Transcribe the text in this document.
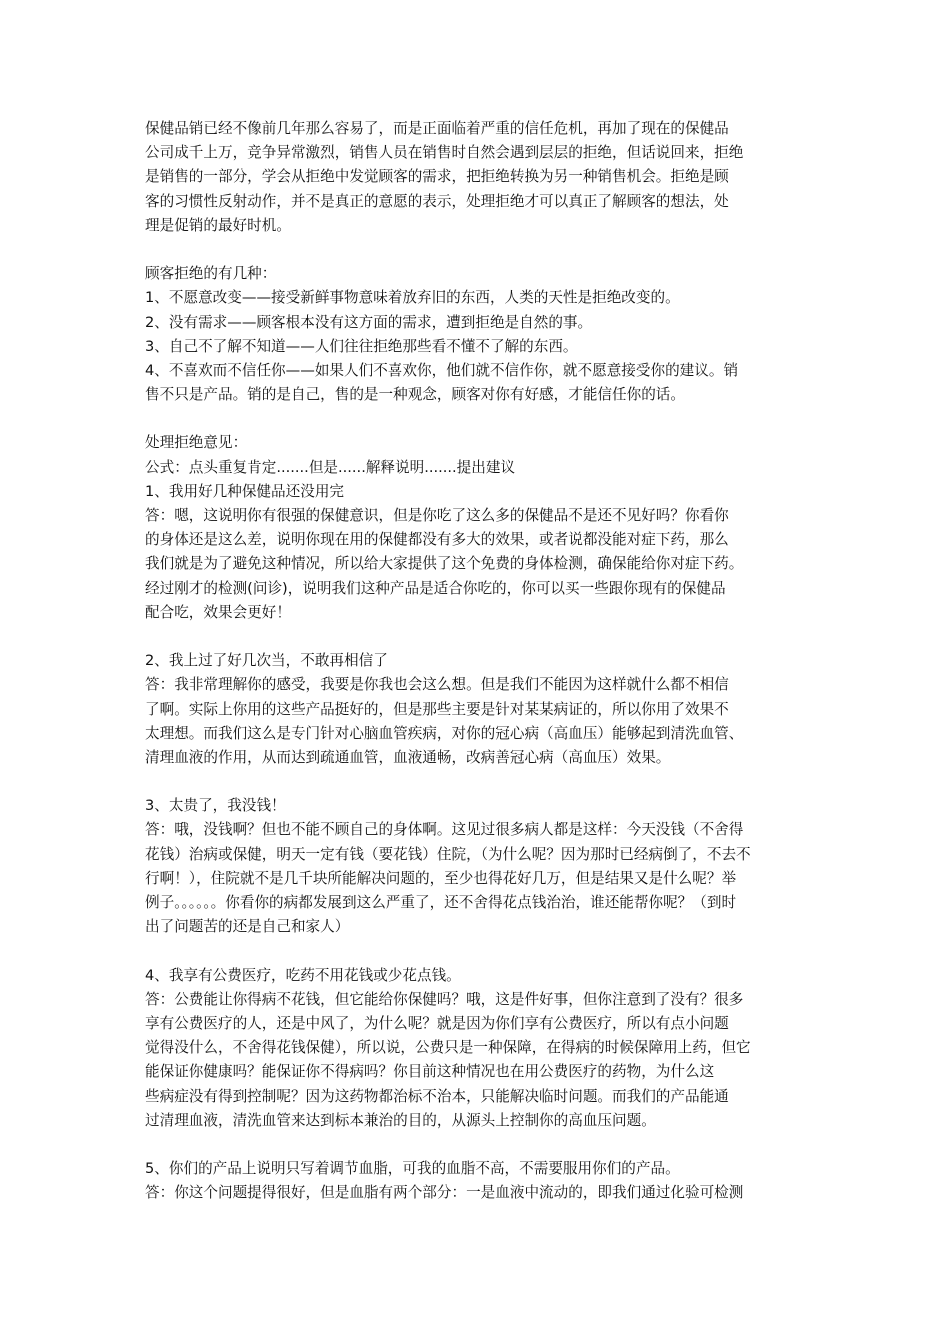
保健品销已经不像前几年那么容易了，而是正面临着严重的信任危机，再加了现在的保健品
公司成千上万，竞争异常激烈，销售人员在销售时自然会遇到层层的拒绝，但话说回来，拒绝
是销售的一部分，学会从拒绝中发觉顾客的需求，把拒绝转换为另一种销售机会。拒绝是顾
客的习惯性反射动作，并不是真正的意愿的表示，处理拒绝才可以真正了解顾客的想法，处
理是促销的最好时机。
顾客拒绝的有几种：
1、不愿意改变——接受新鲜事物意味着放弃旧的东西，人类的天性是拒绝改变的。
2、没有需求——顾客根本没有这方面的需求，遭到拒绝是自然的事。
3、自己不了解不知道——人们往往拒绝那些看不懂不了解的东西。
4、不喜欢而不信任你——如果人们不喜欢你，他们就不信作你，就不愿意接受你的建议。销
售不只是产品。销的是自己，售的是一种观念，顾客对你有好感，才能信任你的话。
处理拒绝意见：
公式：点头重复肯定.......但是......解释说明.......提出建议
1、我用好几种保健品还没用完
答：嗯，这说明你有很强的保健意识，但是你吃了这么多的保健品不是还不见好吗？你看你
的身体还是这么差，说明你现在用的保健都没有多大的效果，或者说都没能对症下药，那么
我们就是为了避免这种情况，所以给大家提供了这个免费的身体检测，确保能给你对症下药。
经过刚才的检测(问诊)，说明我们这种产品是适合你吃的，你可以买一些跟你现有的保健品
配合吃，效果会更好！
2、我上过了好几次当，不敢再相信了
答：我非常理解你的感受，我要是你我也会这么想。但是我们不能因为这样就什么都不相信
了啊。实际上你用的这些产品挺好的，但是那些主要是针对某某病证的，所以你用了效果不
太理想。而我们这么是专门针对心脑血管疾病，对你的冠心病（高血压）能够起到清洗血管、
清理血液的作用，从而达到疏通血管，血液通畅，改病善冠心病（高血压）效果。
3、太贵了，我没钱！
答：哦，没钱啊？但也不能不顾自己的身体啊。这见过很多病人都是这样：今天没钱（不舍得
花钱）治病或保健，明天一定有钱（要花钱）住院，（为什么呢？因为那时已经病倒了，不去不
行啊！），住院就不是几千块所能解决问题的，至少也得花好几万，但是结果又是什么呢？举
例子。。。。。。你看你的病都发展到这么严重了，还不舍得花点钱治治，谁还能帮你呢？（到时
出了问题苦的还是自己和家人）
4、我享有公费医疗，吃药不用花钱或少花点钱。
答：公费能让你得病不花钱，但它能给你保健吗？哦，这是件好事，但你注意到了没有？很多
享有公费医疗的人，还是中风了，为什么呢？就是因为你们享有公费医疗，所以有点小问题
觉得没什么，不舍得花钱保健），所以说，公费只是一种保障，在得病的时候保障用上药，但它
能保证你健康吗？能保证你不得病吗？你目前这种情况也在用公费医疗的药物，为什么这
些病症没有得到控制呢？因为这药物都治标不治本，只能解决临时问题。而我们的产品能通
过清理血液，清洗血管来达到标本兼治的目的，从源头上控制你的高血压问题。
5、你们的产品上说明只写着调节血脂，可我的血脂不高，不需要服用你们的产品。
答：你这个问题提得很好，但是血脂有两个部分：一是血液中流动的，即我们通过化验可检测
